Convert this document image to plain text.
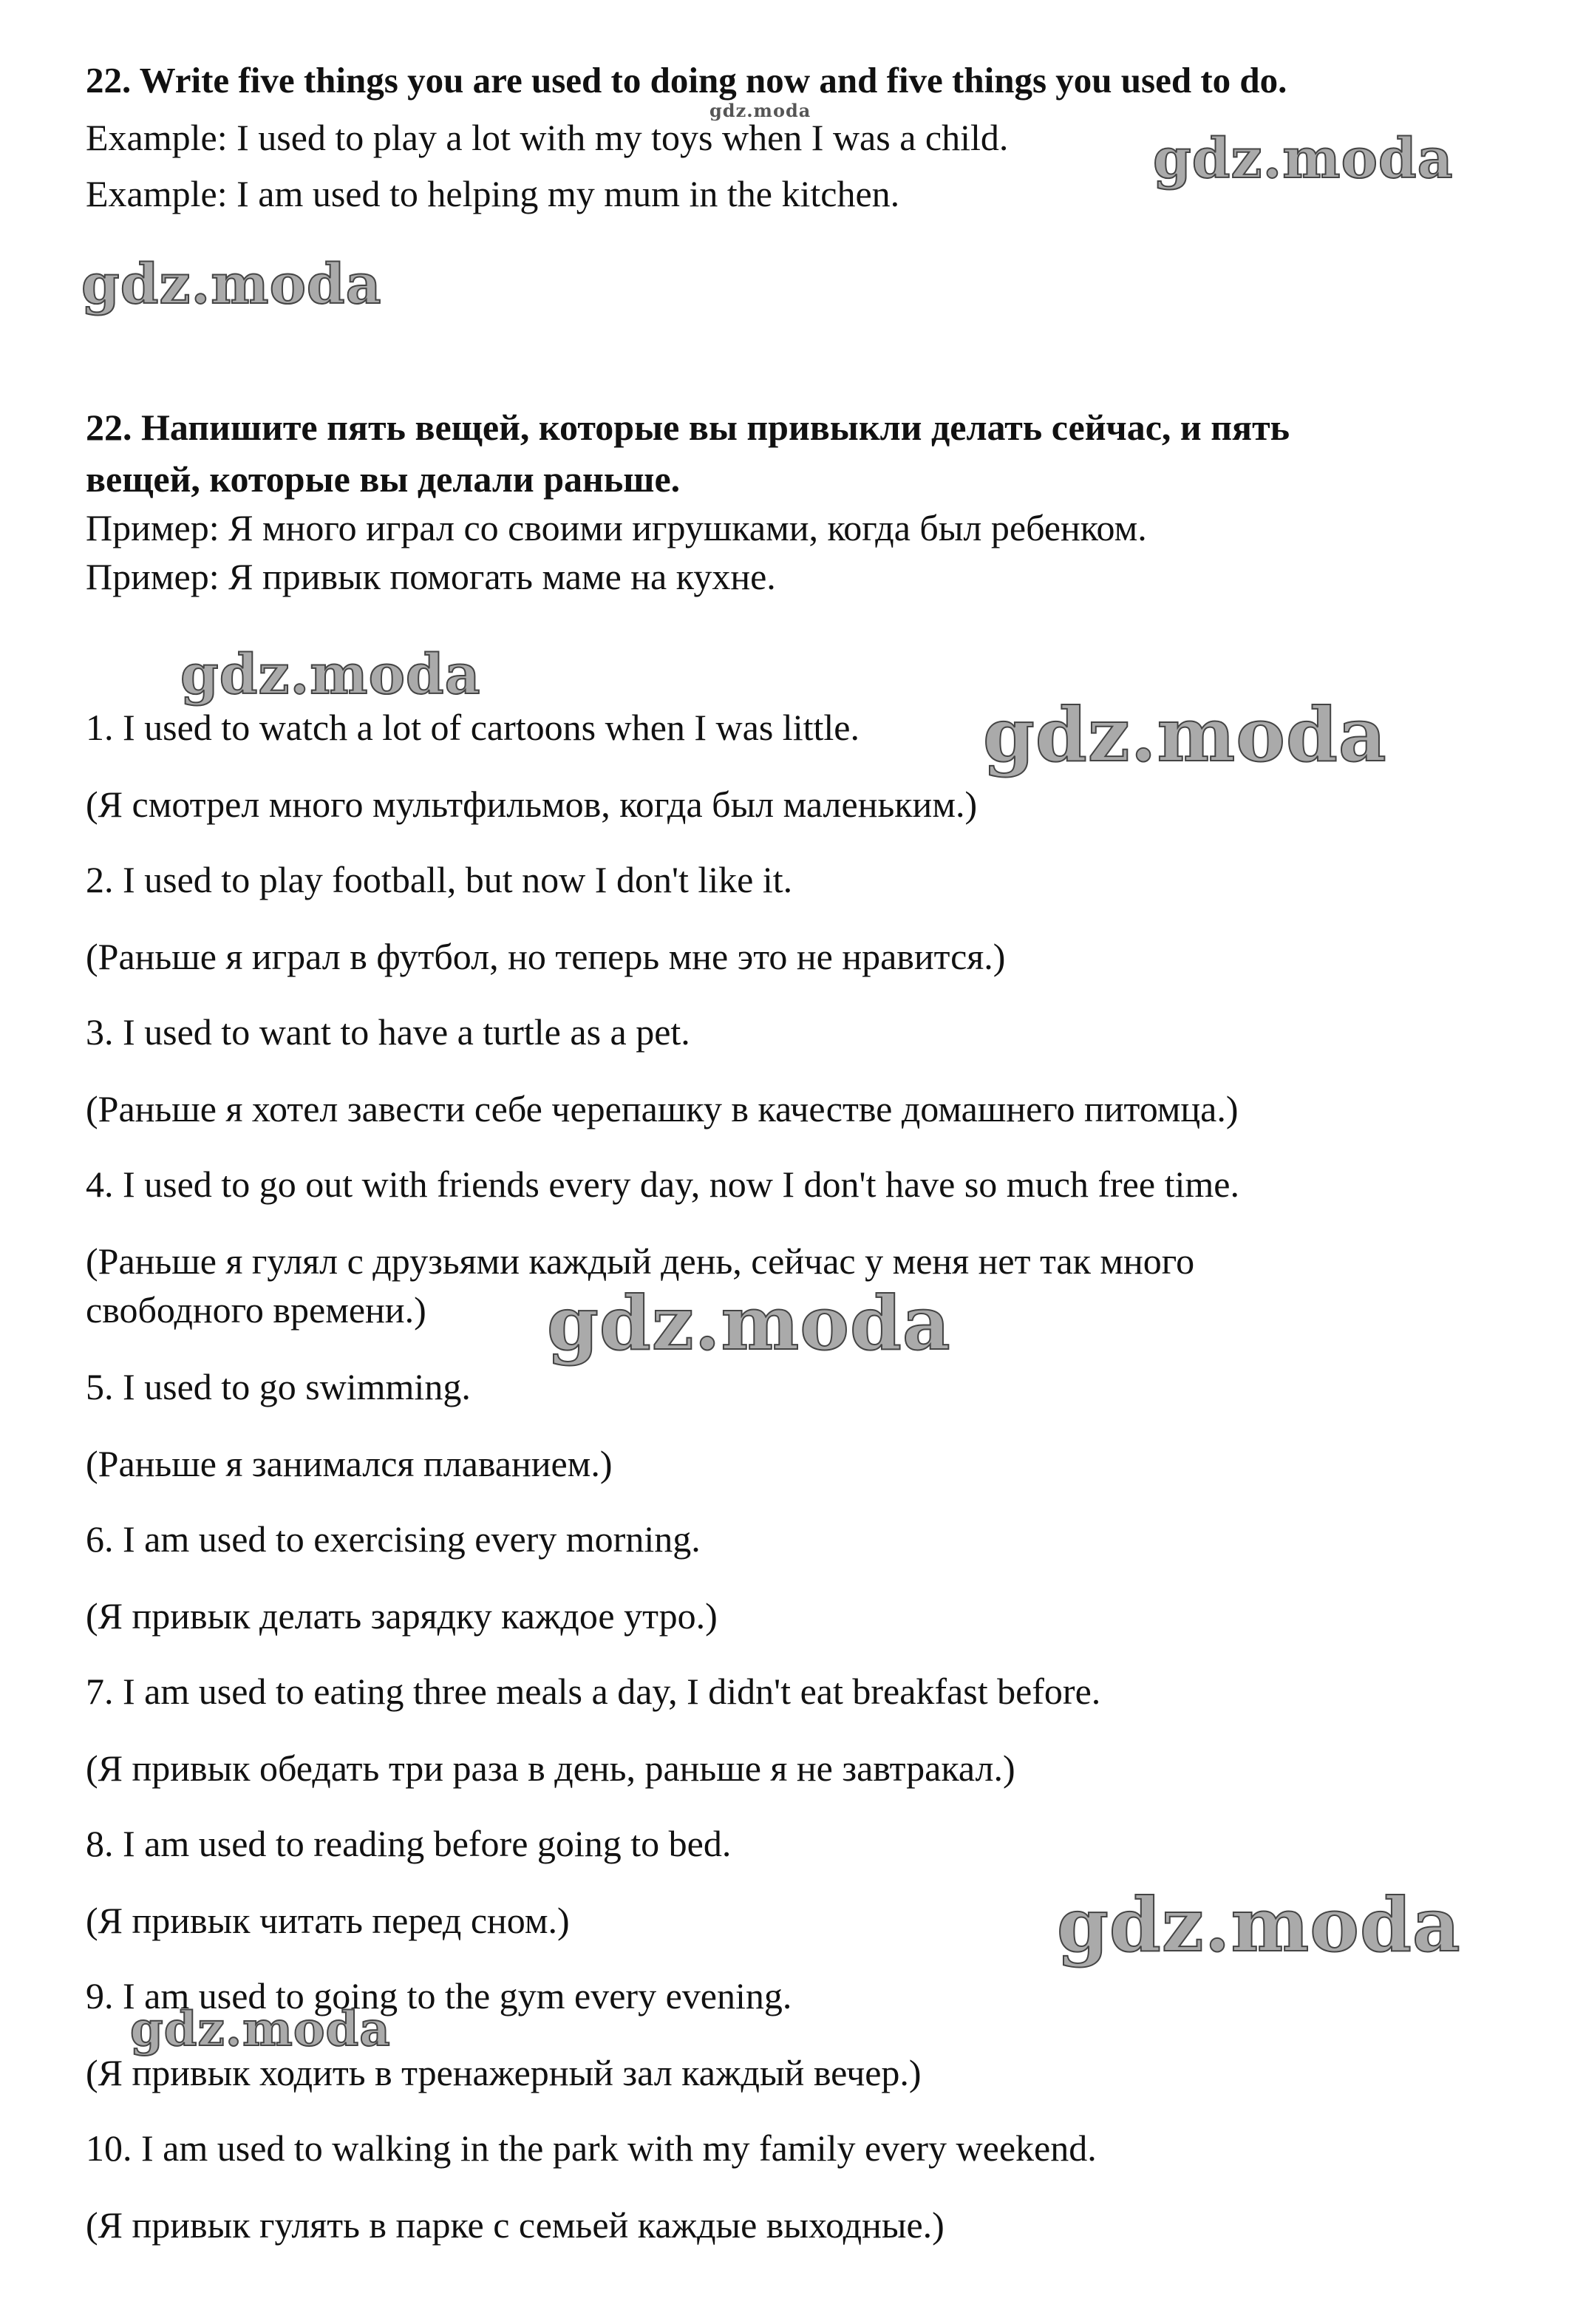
22. Write five things you are used to doing now and five things you used to do.
Example: I used to play a lot with my toys when I was a child.
Example: I am used to helping my mum in the kitchen.
22. Напишите пять вещей, которые вы привыкли делать сейчас, и пять
вещей, которые вы делали раньше.
Пример: Я много играл со своими игрушками, когда был ребенком.
Пример: Я привык помогать маме на кухне.
1. I used to watch a lot of cartoons when I was little.
(Я смотрел много мультфильмов, когда был маленьким.)
2. I used to play football, but now I don't like it.
(Раньше я играл в футбол, но теперь мне это не нравится.)
3. I used to want to have a turtle as a pet.
(Раньше я хотел завести себе черепашку в качестве домашнего питомца.)
4. I used to go out with friends every day, now I don't have so much free time.
(Раньше я гулял с друзьями каждый день, сейчас у меня нет так много
свободного времени.)
5. I used to go swimming.
(Раньше я занимался плаванием.)
6. I am used to exercising every morning.
(Я привык делать зарядку каждое утро.)
7. I am used to eating three meals a day, I didn't eat breakfast before.
(Я привык обедать три раза в день, раньше я не завтракал.)
8. I am used to reading before going to bed.
(Я привык читать перед сном.)
9. I am used to going to the gym every evening.
(Я привык ходить в тренажерный зал каждый вечер.)
10. I am used to walking in the park with my family every weekend.
(Я привык гулять в парке с семьей каждые выходные.)
gdz.moda
gdz.moda
gdz.moda
gdz.moda
gdz.moda
gdz.moda
gdz.moda
gdz.moda
